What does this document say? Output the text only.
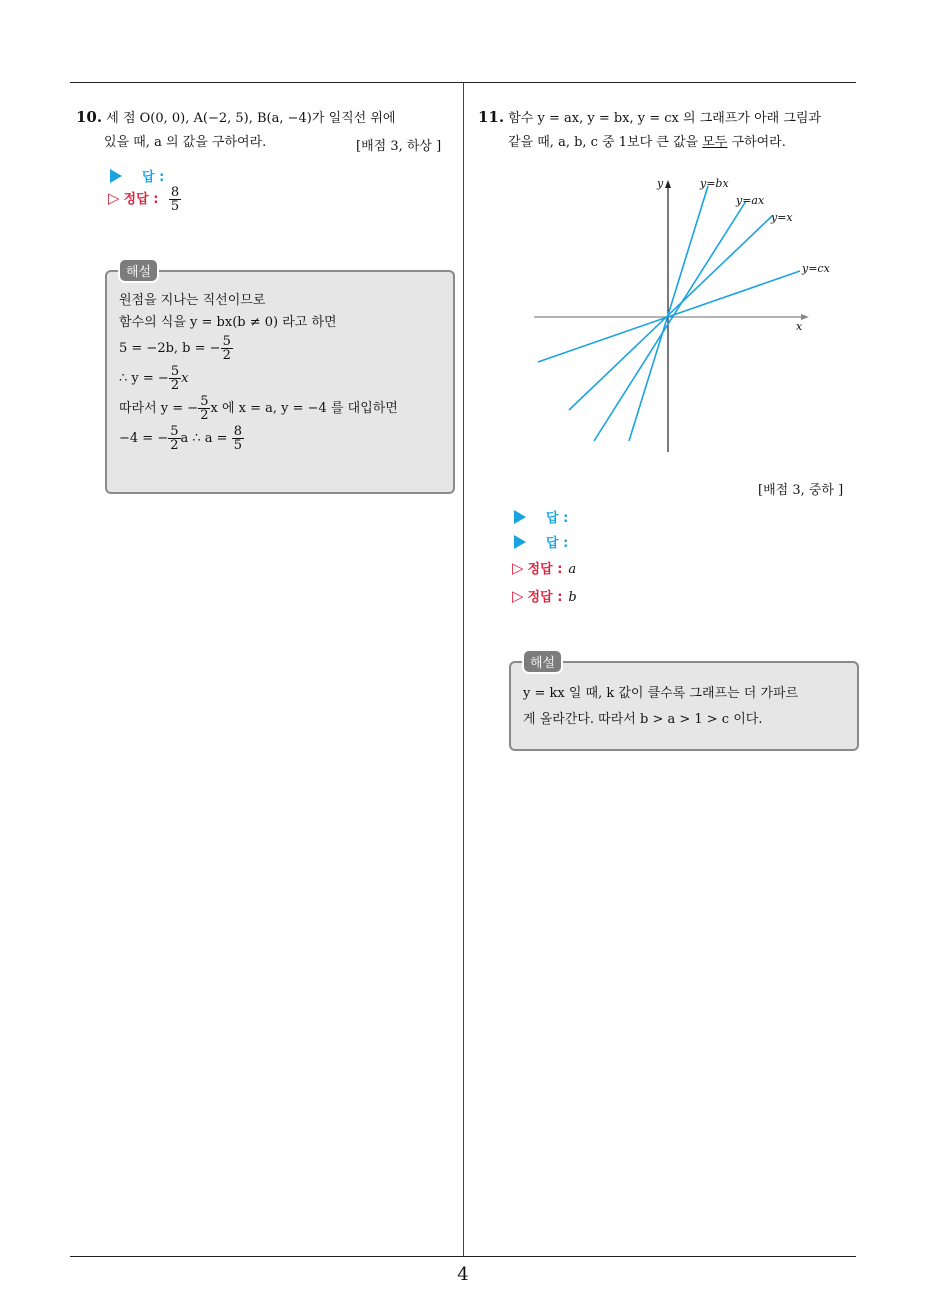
10. 세 점 O(0, 0), A(−2, 5), B(a, −4)가 일직선 위에
있을 때, a 의 값을 구하여라.	[배점 3, 하상 ]
답 :
▷ 정답 : $\frac{8}{5}$
원점을 지나는 직선이므로
함수의 식을 y = bx(b ≠ 0) 라고 하면
5 = −2b, b = − $\frac{5}{2}$
∴ y = − $\frac{5}{2}$ x
따라서 y = − $\frac{5}{2}$ x 에 x = a, y = −4 를 대입하면
−4 = − $\frac{5}{2}$ a ∴ $a = \frac{8}{5}$
해설
11. 함수 y = ax, y = bx, y = cx 의 그래프가 아래 그림과
같을 때, a, b, c 중 1보다 큰 값을 모두 구하여라.
y
x
y=bx
y=ax
y=x
y=cx
[배점 3, 중하 ]
답 :
답 :
▷ 정답 : a
▷ 정답 : b
y = kx 일 때, k 값이 클수록 그래프는 더 가파르
게 올라간다. 따라서 b > a > 1 > c 이다.
해설
4
